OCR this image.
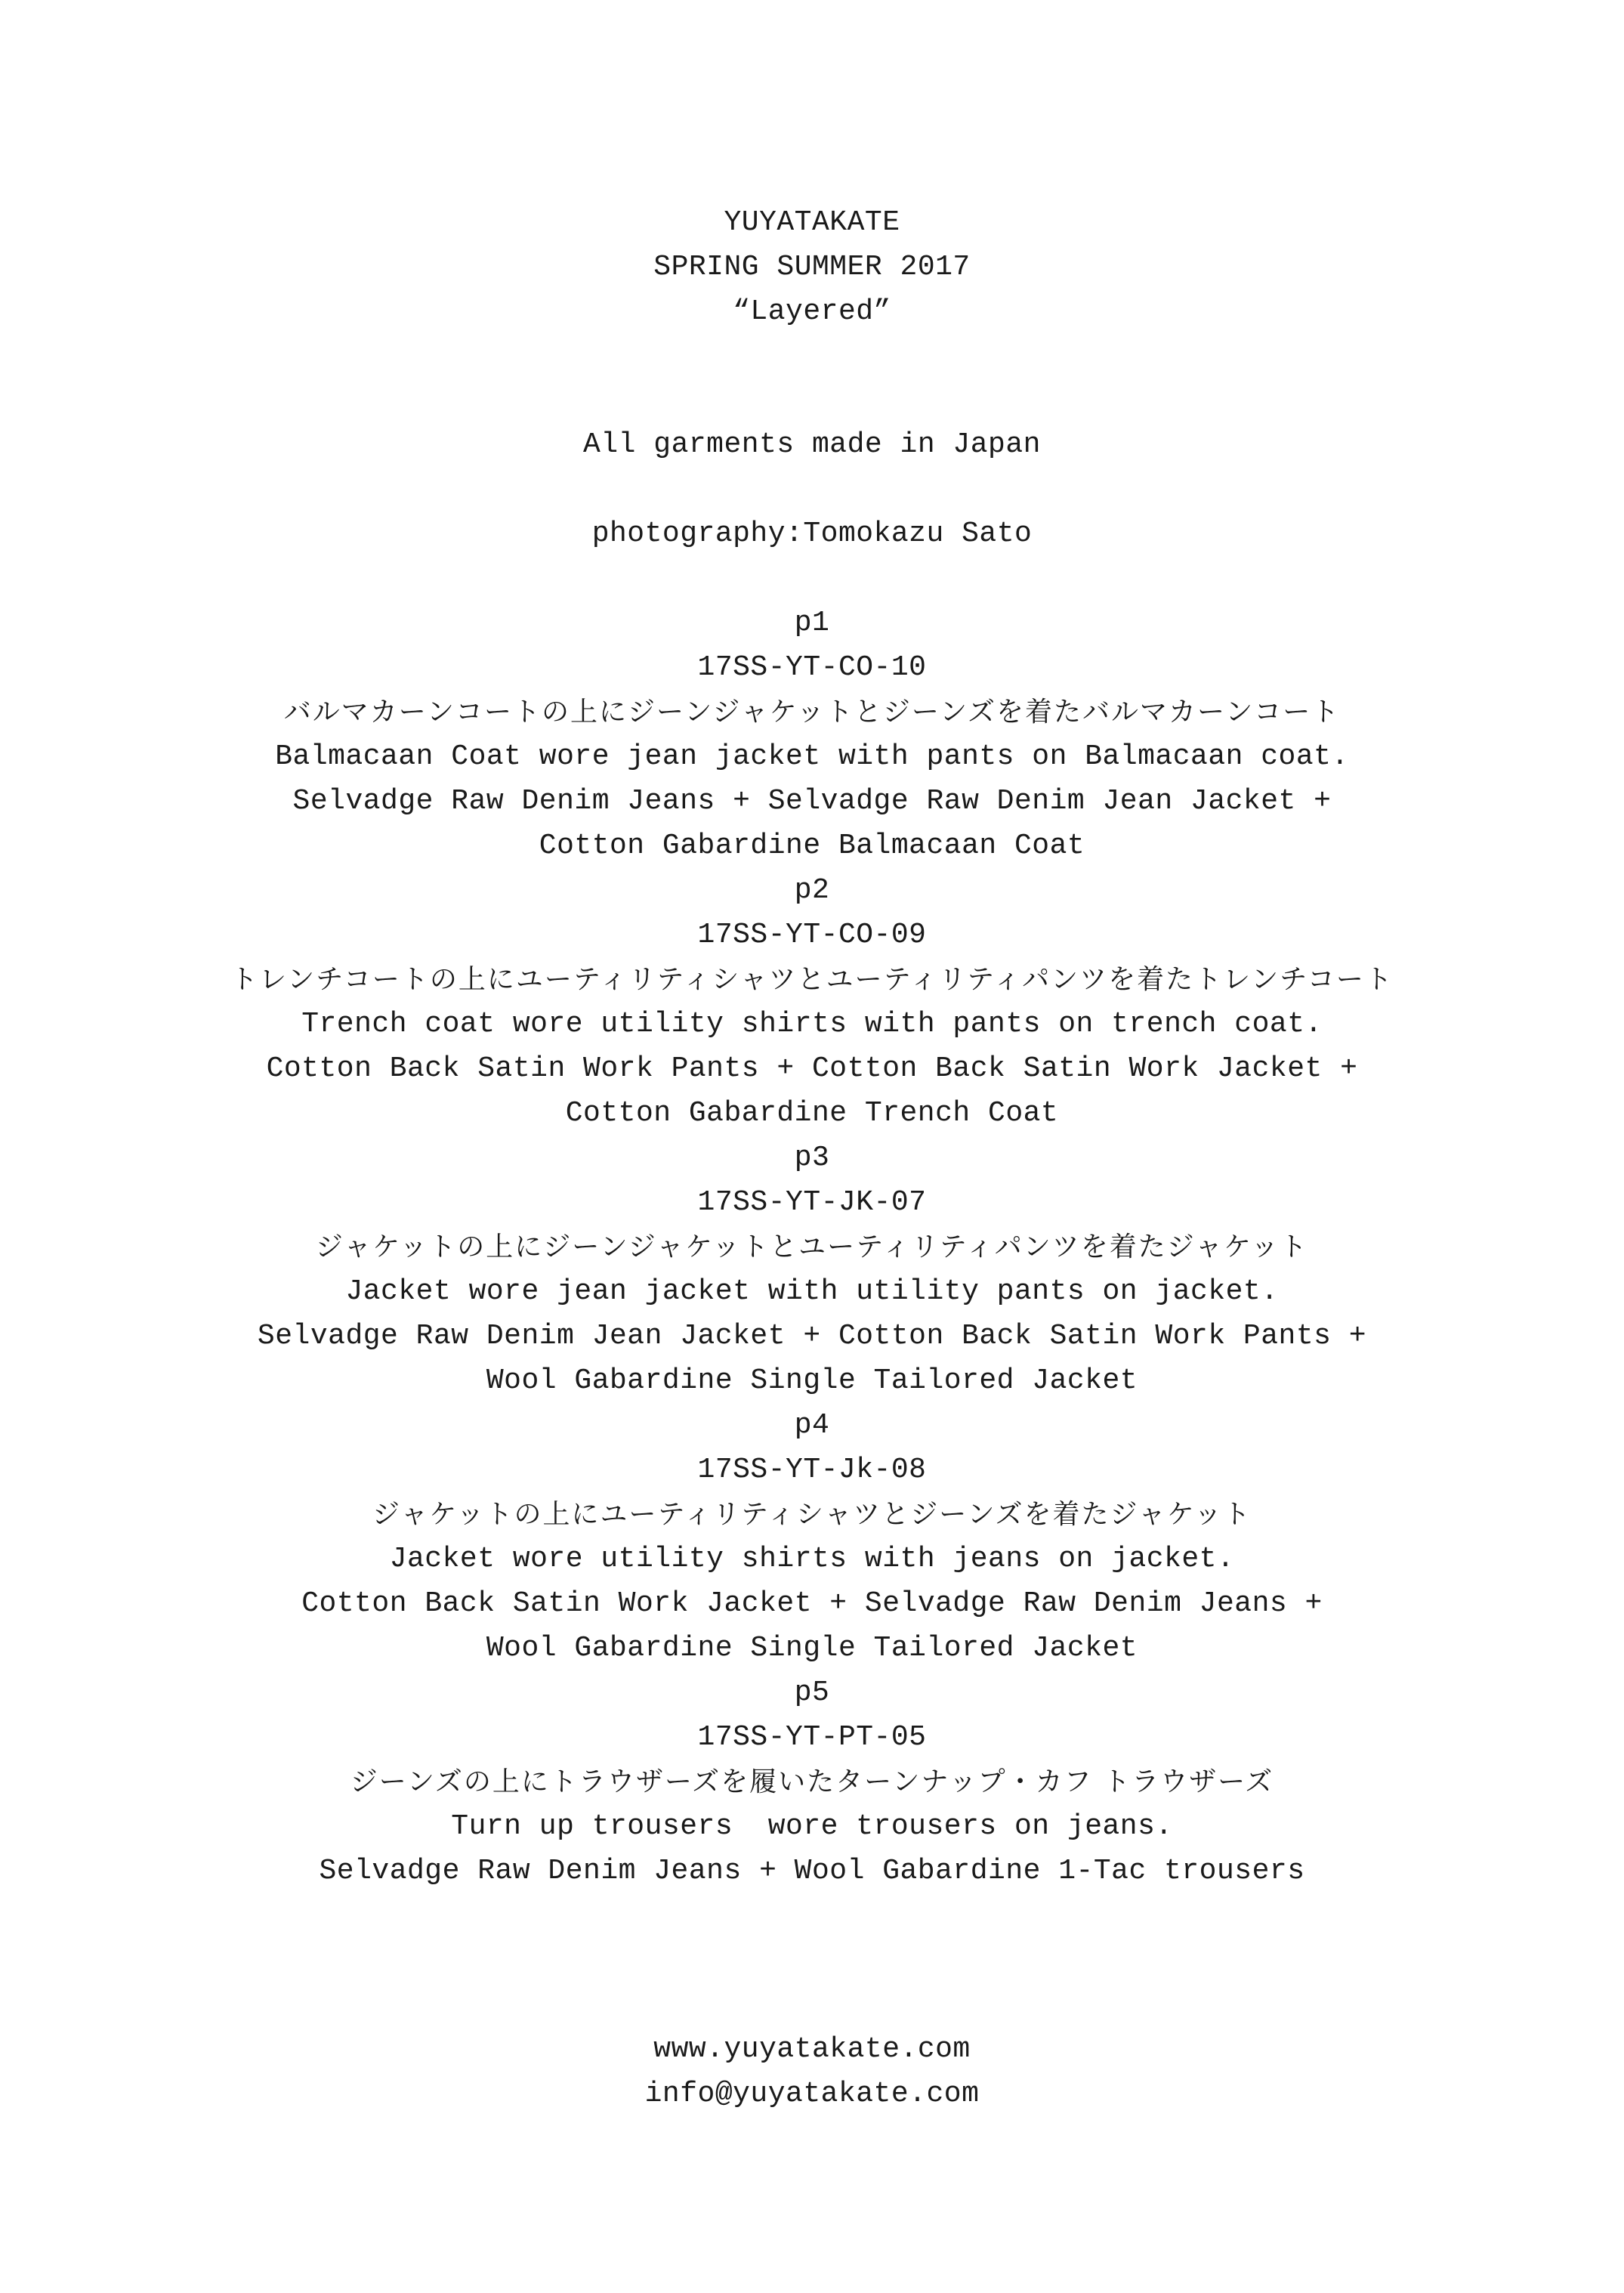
YUYATAKATE
SPRING SUMMER 2017
“Layered”
All garments made in Japan
photography:Tomokazu Sato
p1
17SS-YT-CO-10
バルマカーンコートの上にジーンジャケットとジーンズを着たバルマカーンコート
Balmacaan Coat wore jean jacket with pants on Balmacaan coat.
Selvadge Raw Denim Jeans + Selvadge Raw Denim Jean Jacket +
Cotton Gabardine Balmacaan Coat
p2
17SS-YT-CO-09
トレンチコートの上にユーティリティシャツとユーティリティパンツを着たトレンチコート
Trench coat wore utility shirts with pants on trench coat.
Cotton Back Satin Work Pants + Cotton Back Satin Work Jacket +
Cotton Gabardine Trench Coat
p3
17SS-YT-JK-07
ジャケットの上にジーンジャケットとユーティリティパンツを着たジャケット
Jacket wore jean jacket with utility pants on jacket.
Selvadge Raw Denim Jean Jacket + Cotton Back Satin Work Pants +
Wool Gabardine Single Tailored Jacket
p4
17SS-YT-Jk-08
ジャケットの上にユーティリティシャツとジーンズを着たジャケット
Jacket wore utility shirts with jeans on jacket.
Cotton Back Satin Work Jacket + Selvadge Raw Denim Jeans +
Wool Gabardine Single Tailored Jacket
p5
17SS-YT-PT-05
ジーンズの上にトラウザーズを履いたターンナップ・カフ トラウザーズ
Turn up trousers  wore trousers on jeans.
Selvadge Raw Denim Jeans + Wool Gabardine 1-Tac trousers
www.yuyatakate.com
info@yuyatakate.com
